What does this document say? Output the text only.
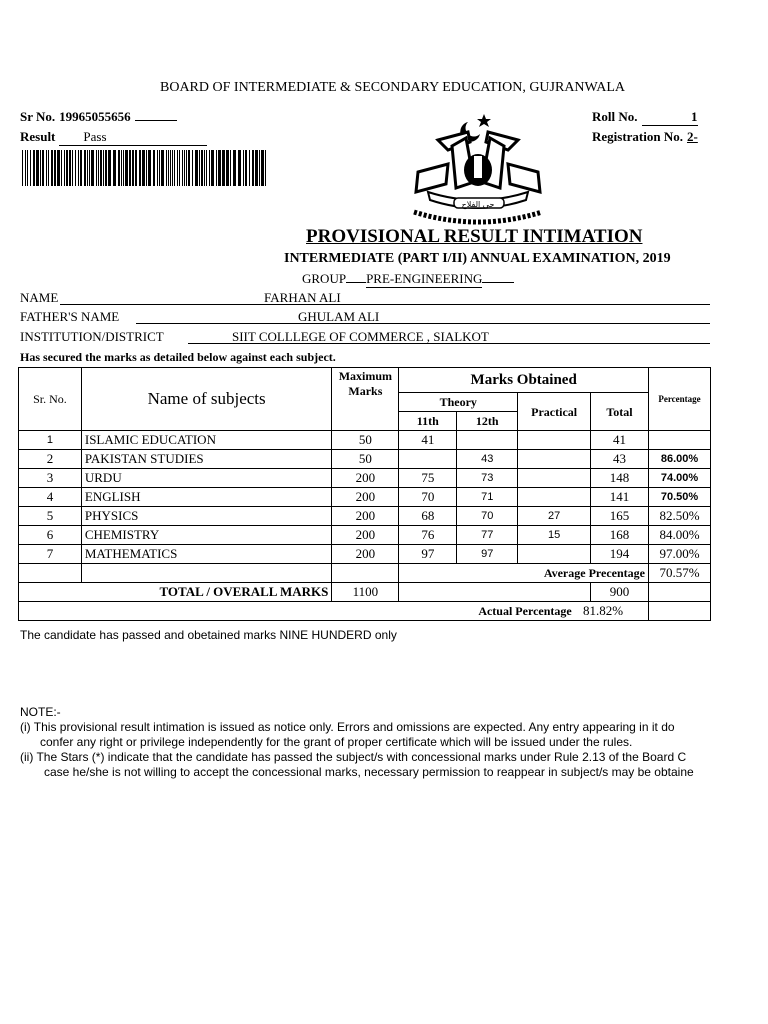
BOARD OF INTERMEDIATE & SECONDARY EDUCATION, GUJRANWALA
Sr No. 19965055656
Result Pass
Roll No.	1
Registration No. 2-
حی الفلاح
PROVISIONAL RESULT INTIMATION
INTERMEDIATE (PART I/II) ANNUAL EXAMINATION, 2019
GROUP PRE-ENGINEERING
NAME	FARHAN ALI
FATHER'S NAME	GHULAM ALI
INSTITUTION/DISTRICT	SIIT COLLLEGE OF COMMERCE , SIALKOT
Has secured the marks as detailed below against each subject.
Sr. No.	Name of subjects	Maximum Marks	Marks Obtained				Percentage
			Theory		Practical	Total	
			11th	12th			
1	ISLAMIC EDUCATION	50	41			41	
2	PAKISTAN STUDIES	50		43		43	86.00%
3	URDU	200	75	73		148	74.00%
4	ENGLISH	200	70	71		141	70.50%
5	PHYSICS	200	68	70	27	165	82.50%
6	CHEMISTRY	200	76	77	15	168	84.00%
7	MATHEMATICS	200	97	97		194	97.00%
			Average Precentage				70.57%
TOTAL / OVERALL MARKS		1100				900	
Actual Percentage 81.82%							
The candidate has passed and obetained marks NINE HUNDERD only
NOTE:-
(i) This provisional result intimation is issued as notice only. Errors and omissions are expected. Any entry appearing in it do
confer any right or privilege independently for the grant of proper certificate which will be issued under the rules.
(ii) The Stars (*) indicate that the candidate has passed the subject/s with concessional marks under Rule 2.13 of the Board C
case he/she is not willing to accept the concessional marks, necessary permission to reappear in subject/s may be obtaine
